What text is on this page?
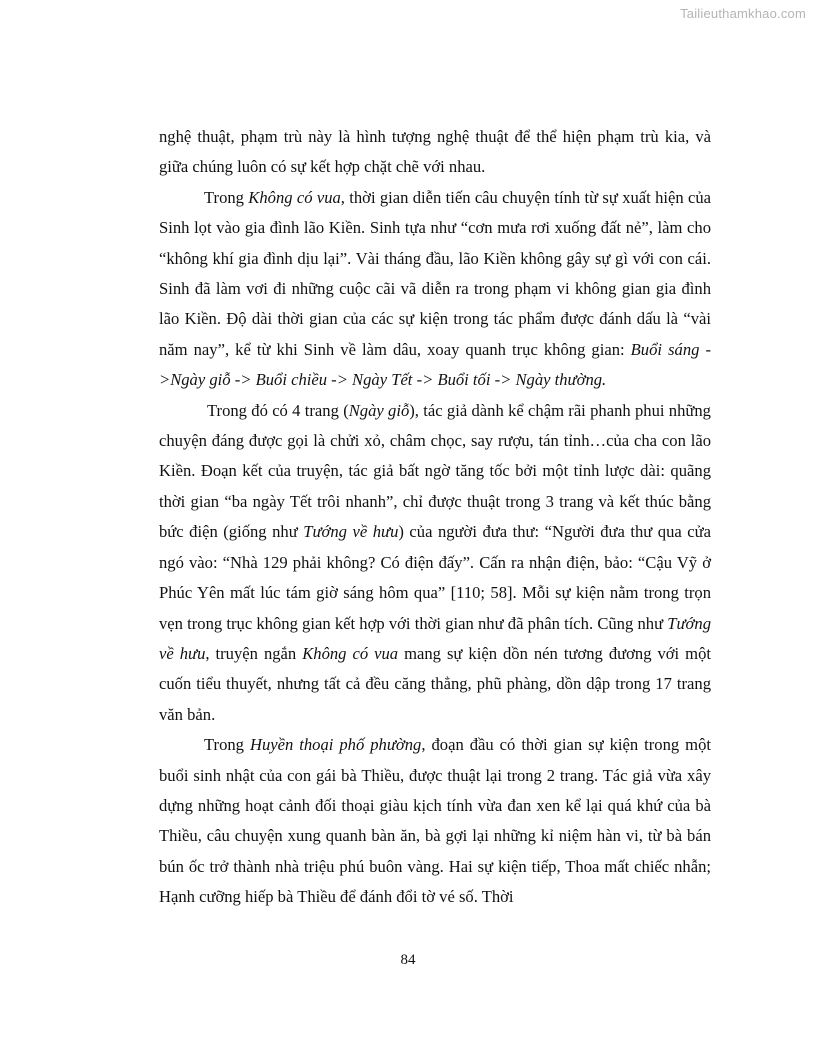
Tailieuthamkhao.com

nghệ thuật, phạm trù này là hình tượng nghệ thuật để thể hiện phạm trù kia, và giữa chúng luôn có sự kết hợp chặt chẽ với nhau.

Trong Không có vua, thời gian diễn tiến câu chuyện tính từ sự xuất hiện của Sinh lọt vào gia đình lão Kiền. Sinh tựa như “cơn mưa rơi xuống đất nẻ”, làm cho “không khí gia đình dịu lại”. Vài tháng đầu, lão Kiền không gây sự gì với con cái. Sinh đã làm vơi đi những cuộc cãi vã diễn ra trong phạm vi không gian gia đình lão Kiền. Độ dài thời gian của các sự kiện trong tác phẩm được đánh dấu là “vài năm nay”, kể từ khi Sinh về làm dâu, xoay quanh trục không gian: Buổi sáng ->Ngày giỗ -> Buổi chiều -> Ngày Tết -> Buổi tối -> Ngày thường.

Trong đó có 4 trang (Ngày giỗ), tác giả dành kể chậm rãi phanh phui những chuyện đáng được gọi là chửi xỏ, châm chọc, say rượu, tán tỉnh…của cha con lão Kiền. Đoạn kết của truyện, tác giả bất ngờ tăng tốc bởi một tỉnh lược dài: quãng thời gian “ba ngày Tết trôi nhanh”, chỉ được thuật trong 3 trang và kết thúc bằng bức điện (giống như Tướng về hưu) của người đưa thư: “Người đưa thư qua cửa ngó vào: “Nhà 129 phải không? Có điện đấy”. Cấn ra nhận điện, bảo: “Cậu Vỹ ở Phúc Yên mất lúc tám giờ sáng hôm qua” [110; 58]. Mỗi sự kiện nằm trong trọn vẹn trong trục không gian kết hợp với thời gian như đã phân tích. Cũng như Tướng về hưu, truyện ngắn Không có vua mang sự kiện dồn nén tương đương với một cuốn tiểu thuyết, nhưng tất cả đều căng thẳng, phũ phàng, dồn dập trong 17 trang văn bản.

Trong Huyền thoại phố phường, đoạn đầu có thời gian sự kiện trong một buổi sinh nhật của con gái bà Thiều, được thuật lại trong 2 trang. Tác giả vừa xây dựng những hoạt cảnh đối thoại giàu kịch tính vừa đan xen kể lại quá khứ của bà Thiều, câu chuyện xung quanh bàn ăn, bà gợi lại những kỉ niệm hàn vi, từ bà bán bún ốc trở thành nhà triệu phú buôn vàng. Hai sự kiện tiếp, Thoa mất chiếc nhẫn; Hạnh cưỡng hiếp bà Thiều để đánh đổi tờ vé số. Thời

84
